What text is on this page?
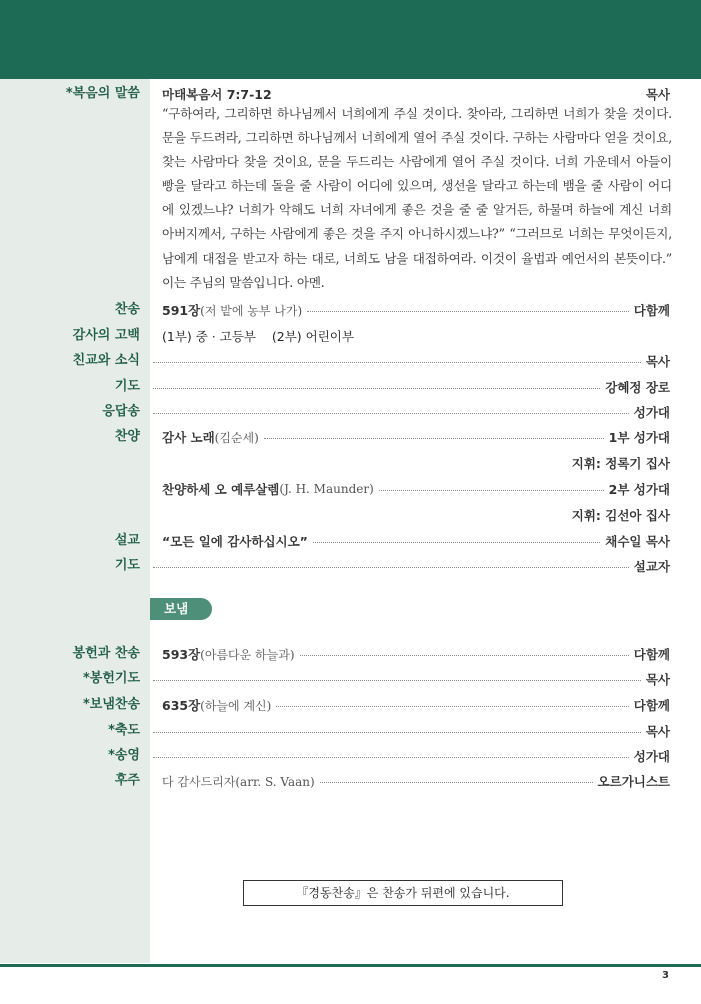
*복음의 말씀 마태복음서 7:7-12	목사
“구하여라, 그리하면 하나님께서 너희에게 주실 것이다. 찾아라, 그리하면 너희가 찾을 것이다. 문을 두드려라, 그리하면 하나님께서 너희에게 열어 주실 것이다. 구하는 사람마다 얻을 것이요, 찾는 사람마다 찾을 것이요, 문을 두드리는 사람에게 열어 주실 것이다. 너희 가운데서 아들이 빵을 달라고 하는데 돌을 줄 사람이 어디에 있으며, 생선을 달라고 하는데 뱀을 줄 사람이 어디에 있겠느냐? 너희가 악해도 너희 자녀에게 좋은 것을 줄 줄 알거든, 하물며 하늘에 계신 너희 아버지께서, 구하는 사람에게 좋은 것을 주지 아니하시겠느냐?” “그러므로 너희는 무엇이든지, 남에게 대접을 받고자 하는 대로, 너희도 남을 대접하여라. 이것이 율법과 예언서의 본뜻이다.” 이는 주님의 말씀입니다. 아멘.
찬송 591장 (저 밭에 농부 나가)	다함께
감사의 고백 (1부) 중 · 고등부    (2부) 어린이부
친교와 소식	목사
기도	강혜정 장로
응답송	성가대
찬양 감사 노래 (김순세)	1부 성가대
지휘: 정록기 집사
찬양하세 오 예루살렘 (J. H. Maunder)	2부 성가대
지휘: 김선아 집사
설교 “모든 일에 감사하십시오”	채수일 목사
기도	설교자
보냄
봉헌과 찬송 593장 (아름다운 하늘과)	다함께
*봉헌기도	목사
*보냄찬송 635장 (하늘에 계신)	다함께
*축도	목사
*송영	성가대
후주 다 감사드리자(arr. S. Vaan)	오르가니스트
『경동찬송』은 찬송가 뒤편에 있습니다.
3
